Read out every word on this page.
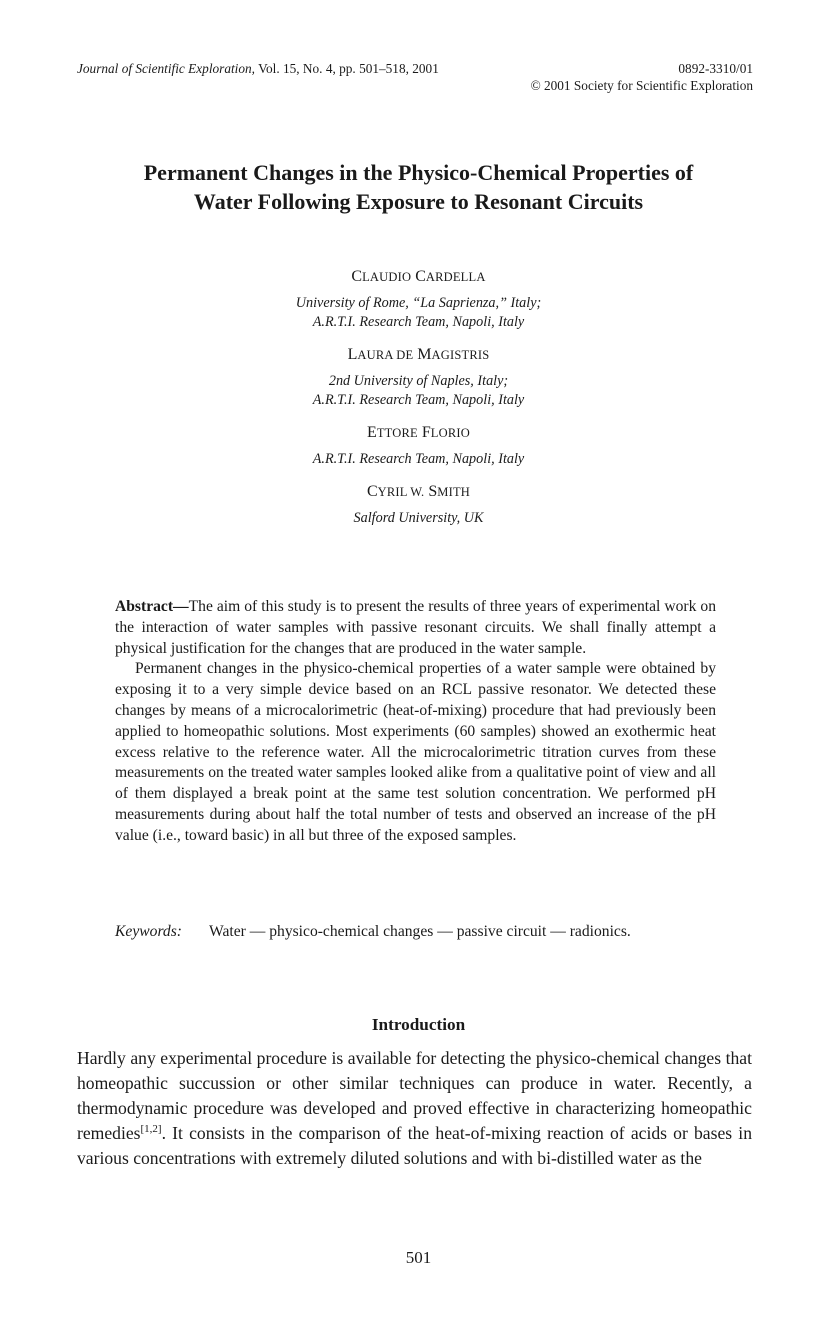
Journal of Scientific Exploration, Vol. 15, No. 4, pp. 501–518, 2001	0892-3310/01
© 2001 Society for Scientific Exploration
Permanent Changes in the Physico-Chemical Properties of
Water Following Exposure to Resonant Circuits

CLAUDIO CARDELLA

University of Rome, “La Saprienza,” Italy;
A.R.T.I. Research Team, Napoli, Italy

LAURA DE MAGISTRIS

2nd University of Naples, Italy;
A.R.T.I. Research Team, Napoli, Italy

ETTORE FLORIO

A.R.T.I. Research Team, Napoli, Italy

CYRIL W. SMITH

Salford University, UK

Abstract—The aim of this study is to present the results of three years of experimental work on the interaction of water samples with passive resonant circuits. We shall finally attempt a physical justification for the changes that are produced in the water sample.

Permanent changes in the physico-chemical properties of a water sample were obtained by exposing it to a very simple device based on an RCL passive resonator. We detected these changes by means of a microcalorimetric (heat-of-mixing) procedure that had previously been applied to homeopathic solutions. Most experiments (60 samples) showed an exothermic heat excess relative to the reference water. All the microcalorimetric titration curves from these measurements on the treated water samples looked alike from a qualitative point of view and all of them displayed a break point at the same test solution concentration. We performed pH measurements during about half the total number of tests and observed an increase of the pH value (i.e., toward basic) in all but three of the exposed samples.

Keywords:	Water — physico-chemical changes — passive circuit — radionics.
Introduction

Hardly any experimental procedure is available for detecting the physico-chemical changes that homeopathic succussion or other similar techniques can produce in water. Recently, a thermodynamic procedure was developed and proved effective in characterizing homeopathic remedies[1,2]. It consists in the comparison of the heat-of-mixing reaction of acids or bases in various concentrations with extremely diluted solutions and with bi-distilled water as the

501
